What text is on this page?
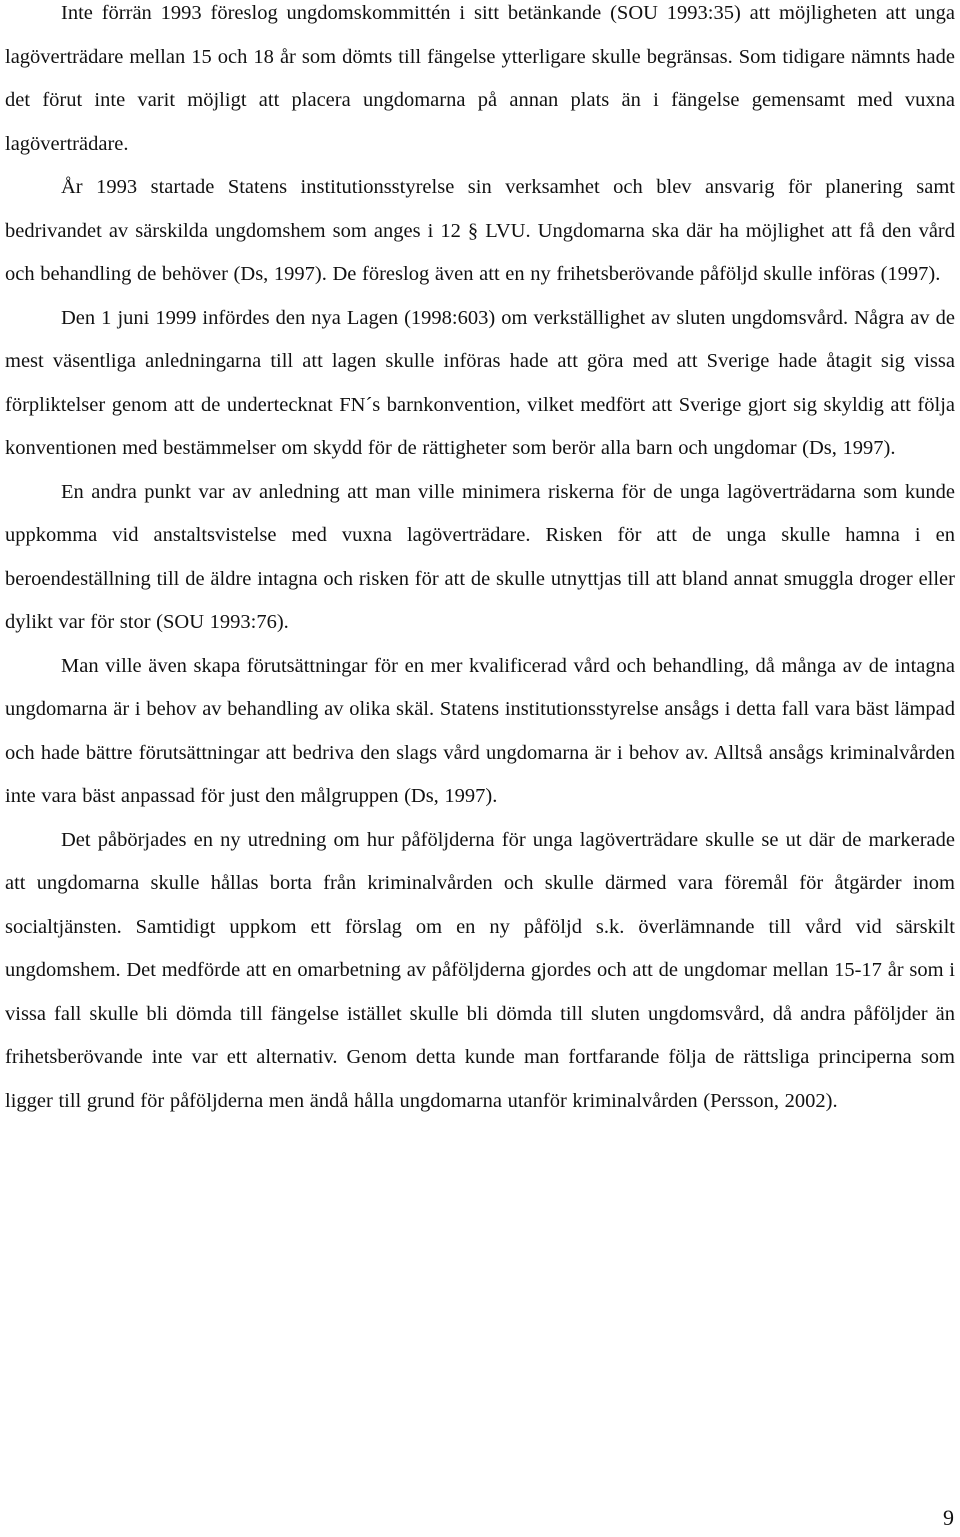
Inte förrän 1993 föreslog ungdomskommittén i sitt betänkande (SOU 1993:35) att möjligheten att unga lagöverträdare mellan 15 och 18 år som dömts till fängelse ytterligare skulle begränsas. Som tidigare nämnts hade det förut inte varit möjligt att placera ungdomarna på annan plats än i fängelse gemensamt med vuxna lagöverträdare.

År 1993 startade Statens institutionsstyrelse sin verksamhet och blev ansvarig för planering samt bedrivandet av särskilda ungdomshem som anges i 12 § LVU. Ungdomarna ska där ha möjlighet att få den vård och behandling de behöver (Ds, 1997). De föreslog även att en ny frihetsberövande påföljd skulle införas (1997).

Den 1 juni 1999 infördes den nya Lagen (1998:603) om verkställighet av sluten ungdomsvård. Några av de mest väsentliga anledningarna till att lagen skulle införas hade att göra med att Sverige hade åtagit sig vissa förpliktelser genom att de undertecknat FN´s barnkonvention, vilket medfört att Sverige gjort sig skyldig att följa konventionen med bestämmelser om skydd för de rättigheter som berör alla barn och ungdomar (Ds, 1997).

En andra punkt var av anledning att man ville minimera riskerna för de unga lagöverträdarna som kunde uppkomma vid anstaltsvistelse med vuxna lagöverträdare. Risken för att de unga skulle hamna i en beroendeställning till de äldre intagna och risken för att de skulle utnyttjas till att bland annat smuggla droger eller dylikt var för stor (SOU 1993:76).

Man ville även skapa förutsättningar för en mer kvalificerad vård och behandling, då många av de intagna ungdomarna är i behov av behandling av olika skäl. Statens institutionsstyrelse ansågs i detta fall vara bäst lämpad och hade bättre förutsättningar att bedriva den slags vård ungdomarna är i behov av. Alltså ansågs kriminalvården inte vara bäst anpassad för just den målgruppen (Ds, 1997).

Det påbörjades en ny utredning om hur påföljderna för unga lagöverträdare skulle se ut där de markerade att ungdomarna skulle hållas borta från kriminalvården och skulle därmed vara föremål för åtgärder inom socialtjänsten. Samtidigt uppkom ett förslag om en ny påföljd s.k. överlämnande till vård vid särskilt ungdomshem. Det medförde att en omarbetning av påföljderna gjordes och att de ungdomar mellan 15-17 år som i vissa fall skulle bli dömda till fängelse istället skulle bli dömda till sluten ungdomsvård, då andra påföljder än frihetsberövande inte var ett alternativ. Genom detta kunde man fortfarande följa de rättsliga principerna som ligger till grund för påföljderna men ändå hålla ungdomarna utanför kriminalvården (Persson, 2002).

9
